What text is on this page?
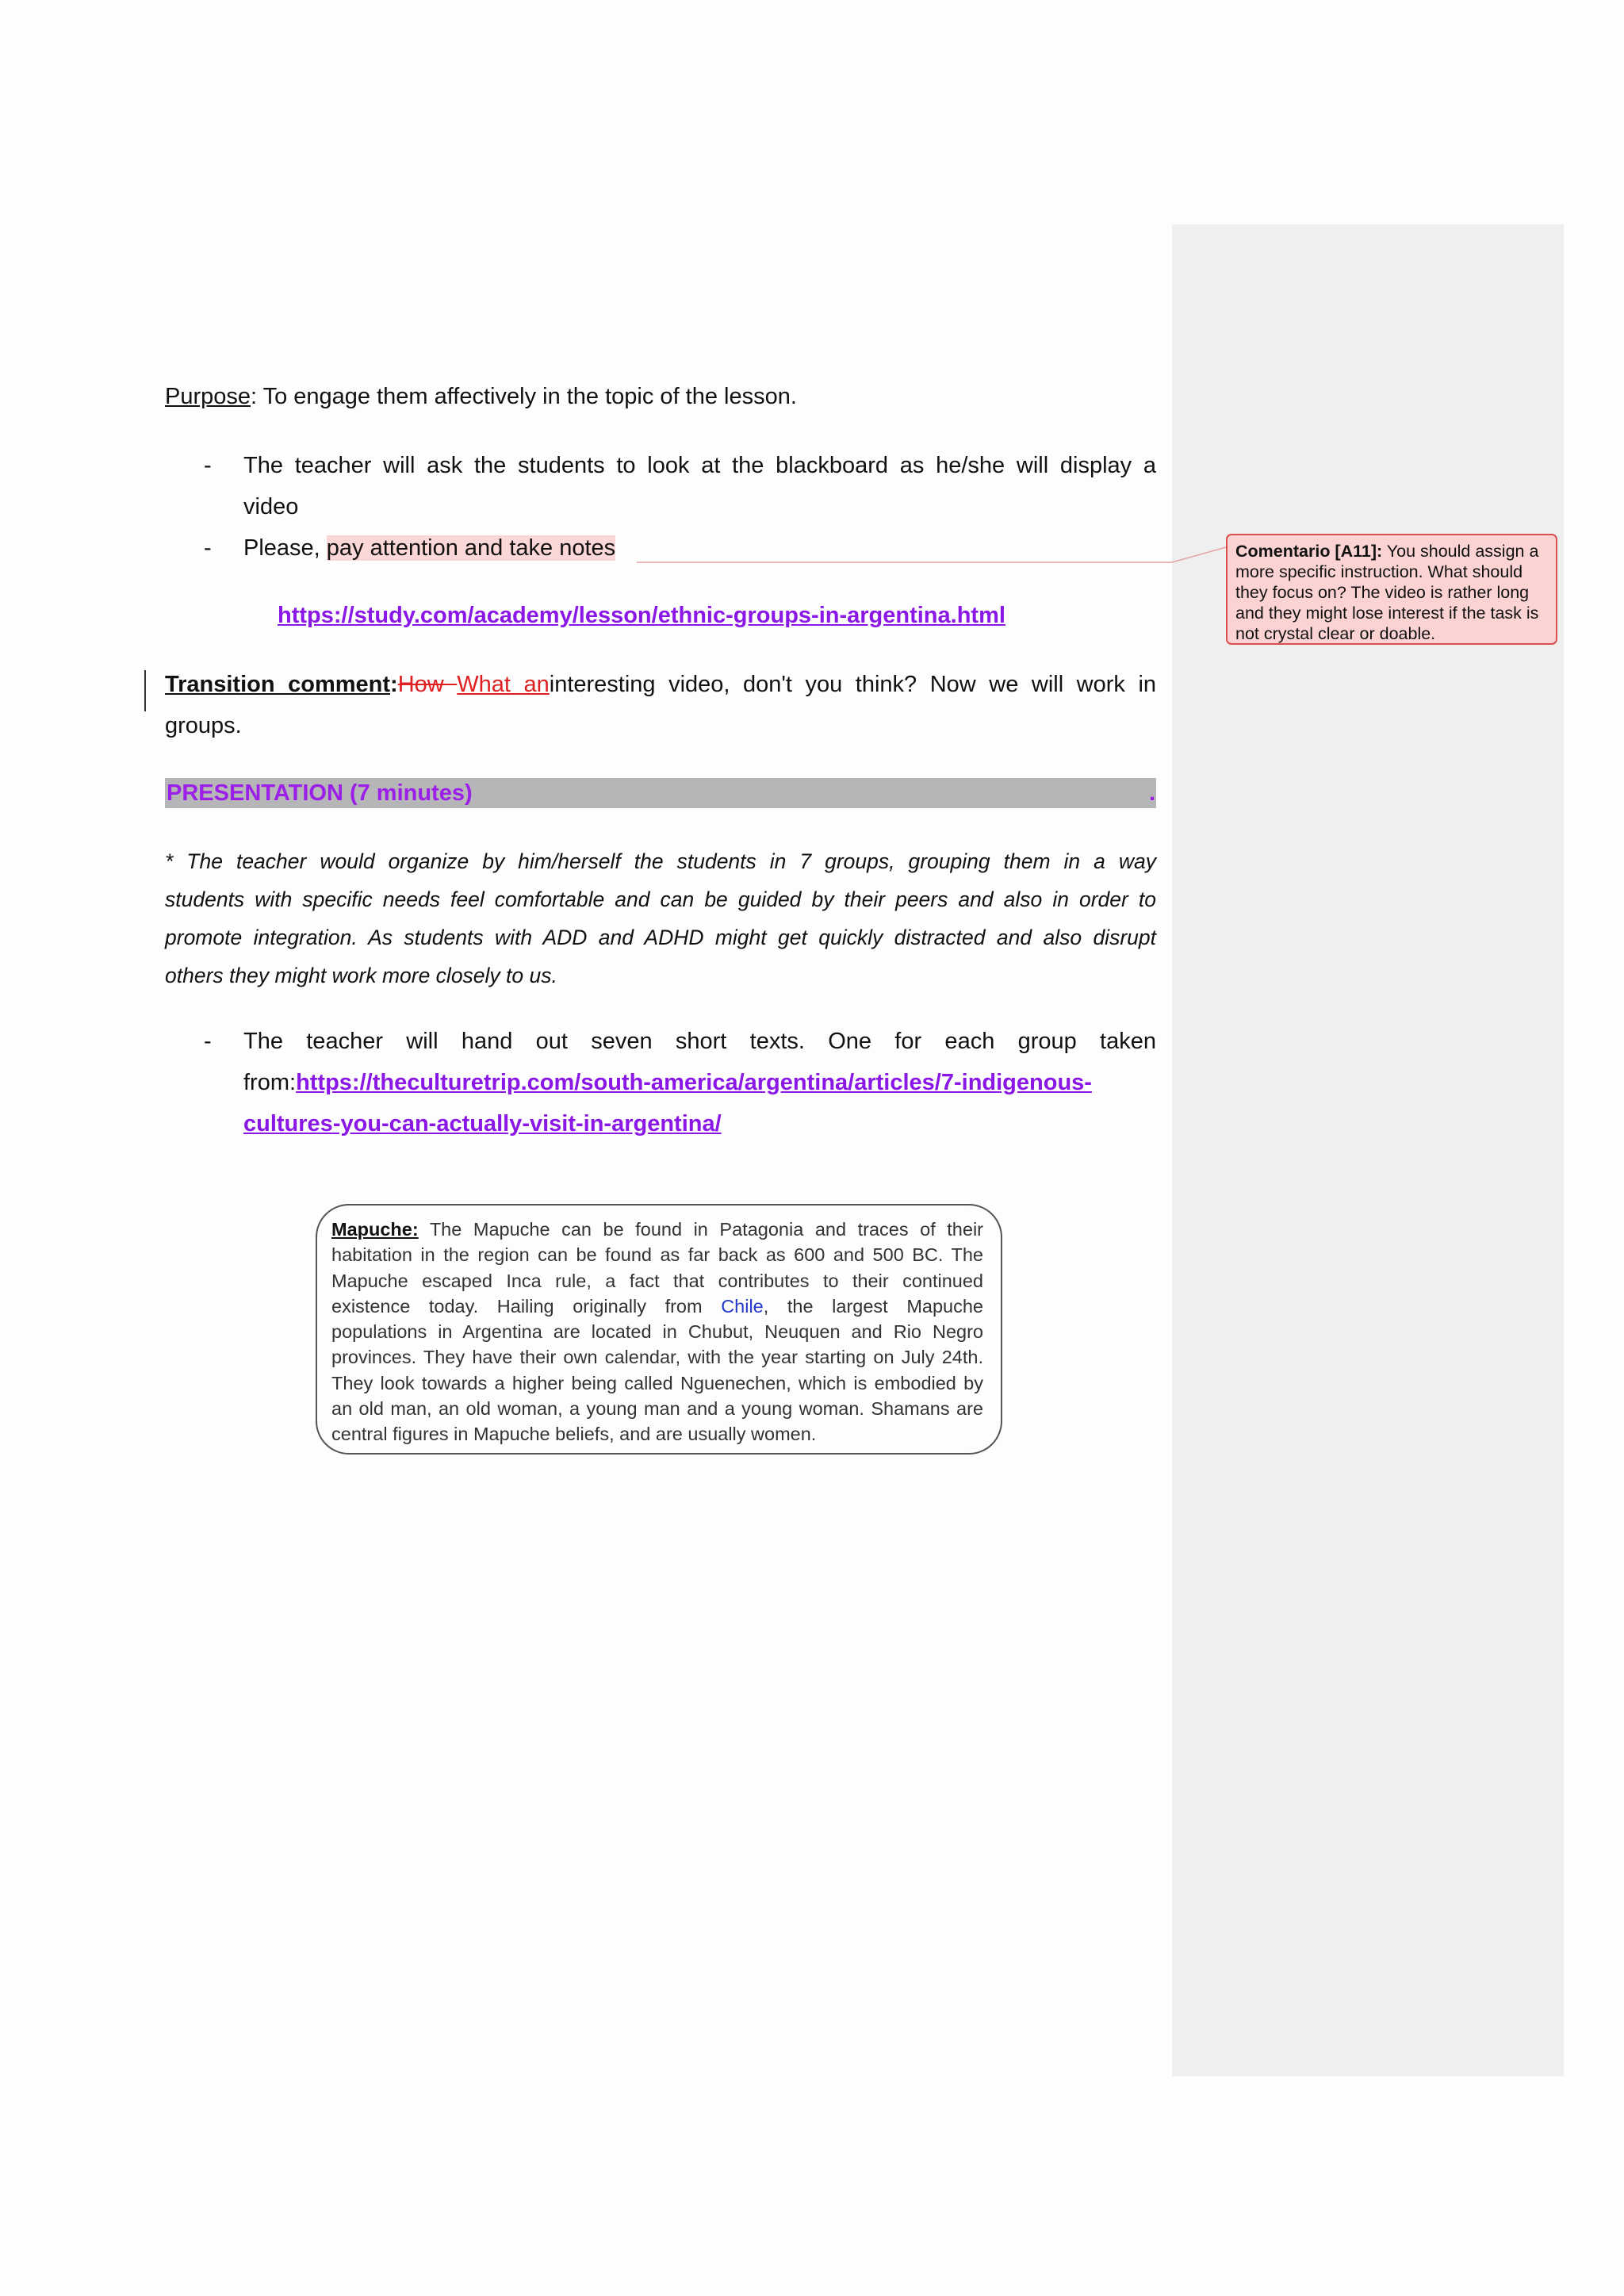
Comentario [A11]: You should assign a more specific instruction. What should they focus on? The video is rather long and they might lose interest if the task is not crystal clear or doable.

Purpose: To engage them affectively in the topic of the lesson.

- The teacher will ask the students to look at the blackboard as he/she will display a

video

- Please, pay attention and take notes

https://study.com/academy/lesson/ethnic-groups-in-argentina.html

Transition comment:How What aninteresting video, don't you think? Now we will work in

groups.

PRESENTATION (7 minutes)	.

* The teacher would organize by him/herself the students in 7 groups, grouping them in a way

students with specific needs feel comfortable and can be guided by their peers and also in order to

promote integration. As students with ADD and ADHD might get quickly distracted and also disrupt

others they might work more closely to us.

- The teacher will hand out seven short texts. One for each group taken

from:https://theculturetrip.com/south-america/argentina/articles/7-indigenous-

cultures-you-can-actually-visit-in-argentina/

Mapuche: The Mapuche can be found in Patagonia and traces of their
habitation in the region can be found as far back as 600 and 500 BC. The
Mapuche escaped Inca rule, a fact that contributes to their continued
existence today. Hailing originally from Chile, the largest Mapuche
populations in Argentina are located in Chubut, Neuquen and Rio Negro
provinces. They have their own calendar, with the year starting on July 24th.
They look towards a higher being called Nguenechen, which is embodied by
an old man, an old woman, a young man and a young woman. Shamans are
central figures in Mapuche beliefs, and are usually women.
